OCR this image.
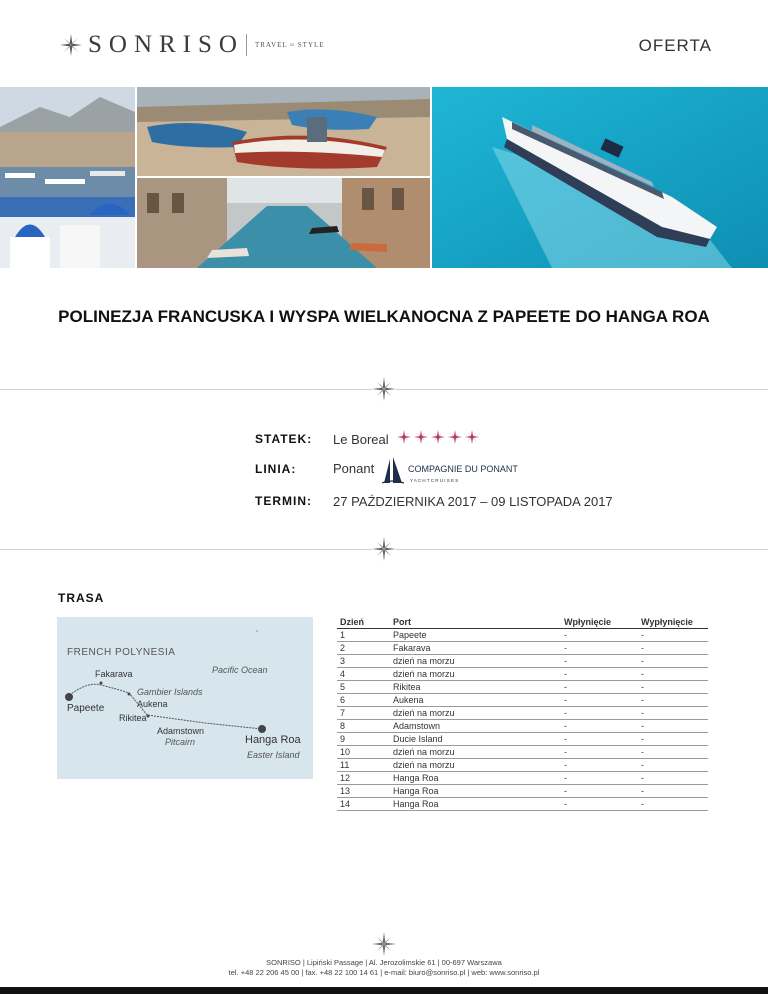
SONRISO TRAVEL ≈ STYLE	OFERTA
POLINEZJA FRANCUSKA I WYSPA WIELKANOCNA Z PAPEETE DO HANGA ROA
STATEK: Le Boreal
LINIA:	Ponant	COMPAGNIE DU PONANT
Y A C H T C R U I S E S
TERMIN: 27 PAŹDZIERNIKA 2017 – 09 LISTOPADA 2017
TRASA
FRENCH POLYNESIA
Pacific Ocean
Fakarava
Papeete
Gambier Islands
Aukena
Rikitea
Adamstown
Pitcairn	Hanga Roa
Easter Island
Dzień	Port	Wpłynięcie	Wypłynięcie
1	Papeete	-	-
2	Fakarava	-	-
3	dzień na morzu	-	-
4	dzień na morzu	-	-
5	Rikitea	-	-
6	Aukena	-	-
7	dzień na morzu	-	-
8	Adamstown	-	-
9	Ducie Island	-	-
10	dzień na morzu	-	-
11	dzień na morzu	-	-
12	Hanga Roa	-	-
13	Hanga Roa	-	-
14	Hanga Roa	-	-
SONRISO | Lipiński Passage | Al. Jerozolimskie 61 | 00-697 Warszawa
tel. +48 22 206 45 00 | fax. +48 22 100 14 61 | e-mail: biuro@sonriso.pl | web: www.sonriso.pl
